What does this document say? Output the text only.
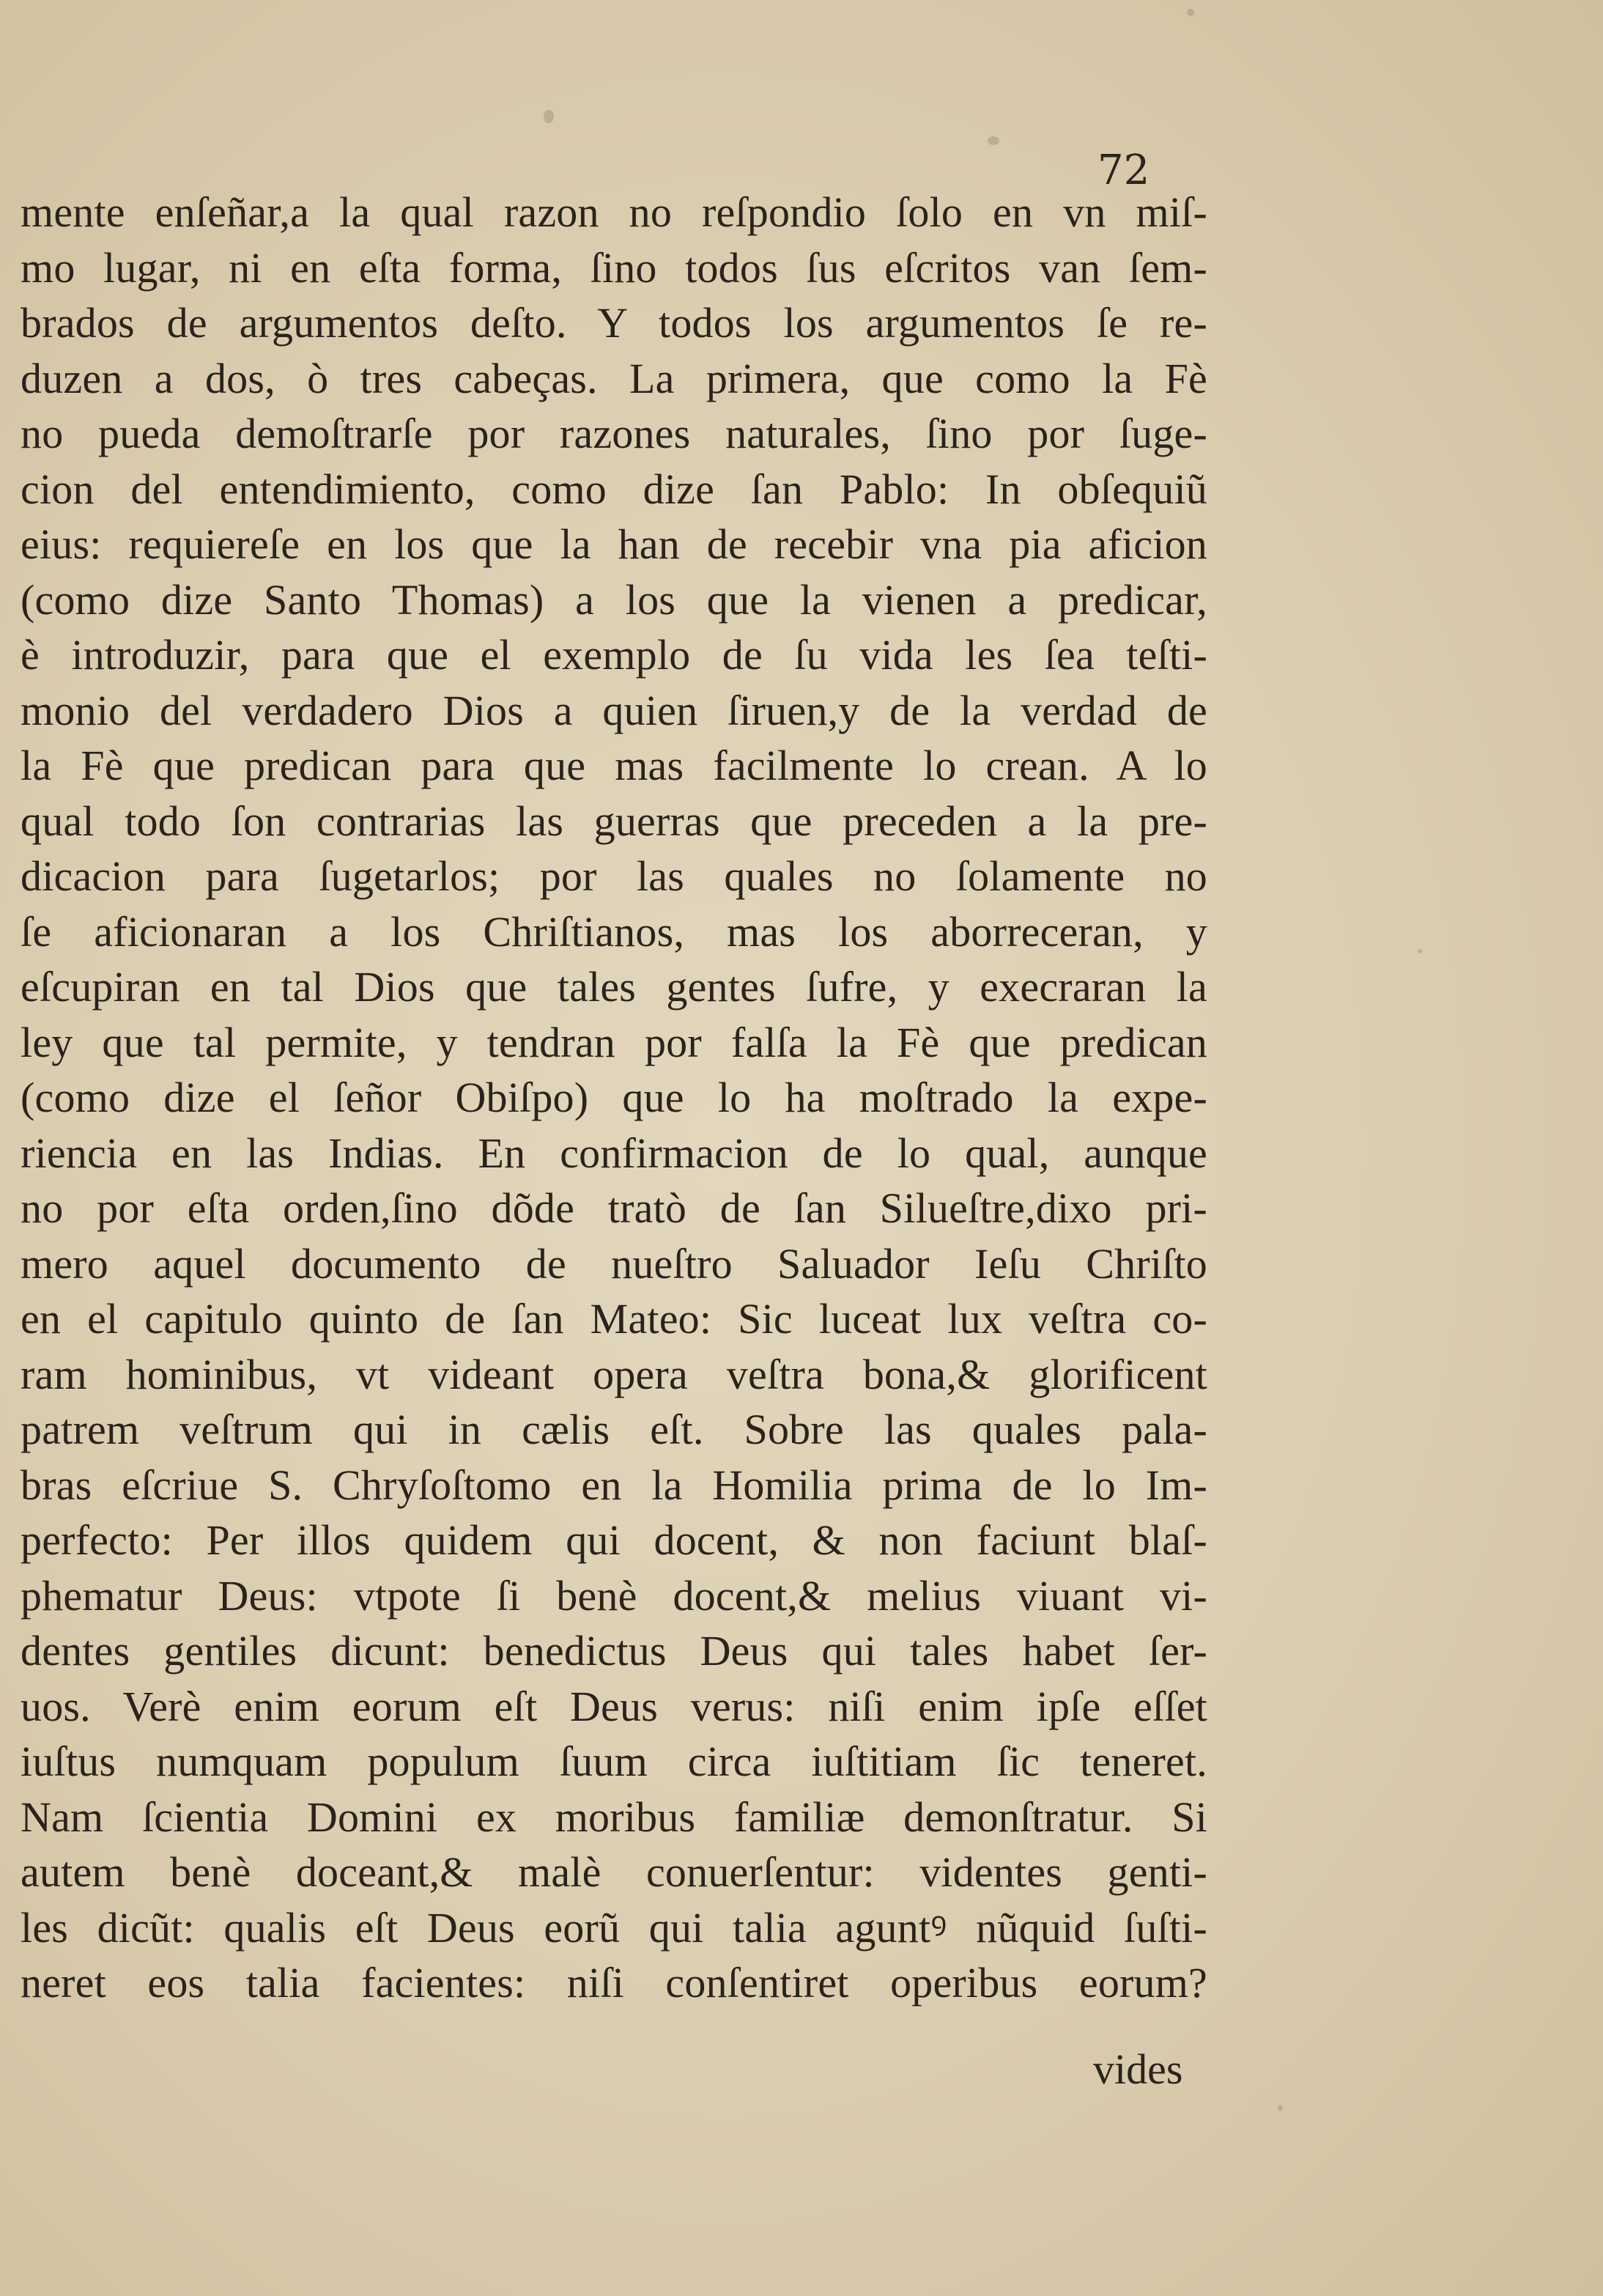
72

mente enſeñar,a la qual razon no reſpondio ſolo en vn miſ-
mo lugar, ni en eſta forma, ſino todos ſus eſcritos van ſem-
brados de argumentos deſto. Y todos los argumentos ſe re-
duzen a dos, ò tres cabeças. La primera, que como la Fè
no pueda demoſtrarſe por razones naturales, ſino por ſuge-
cion del entendimiento, como dize ſan Pablo: In obſequiũ
eius: requiereſe en los que la han de recebir vna pia aficion
(como dize Santo Thomas) a los que la vienen a predicar,
è introduzir, para que el exemplo de ſu vida les ſea teſti-
monio del verdadero Dios a quien ſiruen,y de la verdad de
la Fè que predican para que mas facilmente lo crean. A lo
qual todo ſon contrarias las guerras que preceden a la pre-
dicacion para ſugetarlos; por las quales no ſolamente no
ſe aficionaran a los Chriſtianos, mas los aborreceran, y
eſcupiran en tal Dios que tales gentes ſufre, y execraran la
ley que tal permite, y tendran por falſa la Fè que predican
(como dize el ſeñor Obiſpo) que lo ha moſtrado la expe-
riencia en las Indias. En confirmacion de lo qual, aunque
no por eſta orden,ſino dõde tratò de ſan Silueſtre,dixo pri-
mero aquel documento de nueſtro Saluador Ieſu Chriſto
en el capitulo quinto de ſan Mateo: Sic luceat lux veſtra co-
ram hominibus, vt videant opera veſtra bona,& glorificent
patrem veſtrum qui in cælis eſt. Sobre las quales pala-
bras eſcriue S. Chryſoſtomo en la Homilia prima de lo Im-
perfecto: Per illos quidem qui docent, & non faciunt blaſ-
phematur Deus: vtpote ſi benè docent,& melius viuant vi-
dentes gentiles dicunt: benedictus Deus qui tales habet ſer-
uos. Verè enim eorum eſt Deus verus: niſi enim ipſe eſſet
iuſtus numquam populum ſuum circa iuſtitiam ſic teneret.
Nam ſcientia Domini ex moribus familiæ demonſtratur. Si
autem benè doceant,& malè conuerſentur: videntes genti-
les dicũt: qualis eſt Deus eorũ qui talia aguntꝰ nũquid ſuſti-
neret eos talia facientes: niſi conſentiret operibus eorum?

vides
